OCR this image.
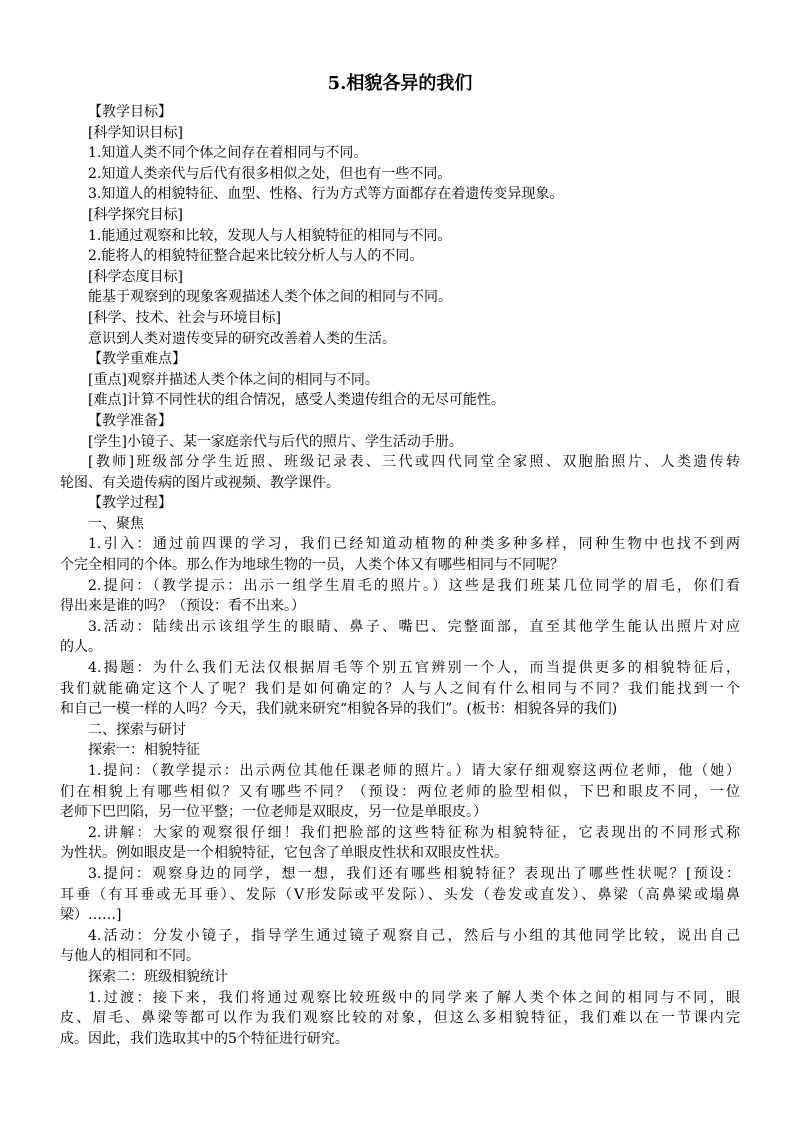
5.相貌各异的我们
【教学目标】
[科学知识目标]
1.知道人类不同个体之间存在着相同与不同。
2.知道人类亲代与后代有很多相似之处，但也有一些不同。
3.知道人的相貌特征、血型、性格、行为方式等方面都存在着遗传变异现象。
[科学探究目标]
1.能通过观察和比较，发现人与人相貌特征的相同与不同。
2.能将人的相貌特征整合起来比较分析人与人的不同。
[科学态度目标]
能基于观察到的现象客观描述人类个体之间的相同与不同。
[科学、技术、社会与环境目标]
意识到人类对遗传变异的研究改善着人类的生活。
【教学重难点】
[重点]观察并描述人类个体之间的相同与不同。
[难点]计算不同性状的组合情况，感受人类遗传组合的无尽可能性。
【教学准备】
[学生]小镜子、某一家庭亲代与后代的照片、学生活动手册。
[教师]班级部分学生近照、班级记录表、三代或四代同堂全家照、双胞胎照片、人类遗传转
轮图、有关遗传病的图片或视频、教学课件。
【教学过程】
一、聚焦
1.引入：通过前四课的学习，我们已经知道动植物的种类多种多样，同种生物中也找不到两
个完全相同的个体。那么作为地球生物的一员，人类个体又有哪些相同与不同呢？
2.提问：（教学提示：出示一组学生眉毛的照片。）这些是我们班某几位同学的眉毛，你们看
得出来是谁的吗？（预设：看不出来。）
3.活动：陆续出示该组学生的眼睛、鼻子、嘴巴、完整面部，直至其他学生能认出照片对应
的人。
4.揭题：为什么我们无法仅根据眉毛等个别五官辨别一个人，而当提供更多的相貌特征后，
我们就能确定这个人了呢？我们是如何确定的？人与人之间有什么相同与不同？我们能找到一个
和自己一模一样的人吗？今天，我们就来研究“相貌各异的我们”。(板书：相貌各异的我们)
二、探索与研讨
探索一：相貌特征
1.提问：（教学提示：出示两位其他任课老师的照片。）请大家仔细观察这两位老师，他（她）
们在相貌上有哪些相似？又有哪些不同？（预设：两位老师的脸型相似，下巴和眼皮不同，一位
老师下巴凹陷，另一位平整；一位老师是双眼皮，另一位是单眼皮。）
2.讲解：大家的观察很仔细！我们把脸部的这些特征称为相貌特征，它表现出的不同形式称
为性状。例如眼皮是一个相貌特征，它包含了单眼皮性状和双眼皮性状。
3.提问：观察身边的同学，想一想，我们还有哪些相貌特征？表现出了哪些性状呢？[预设：
耳垂（有耳垂或无耳垂）、发际（V形发际或平发际）、头发（卷发或直发）、鼻梁（高鼻梁或塌鼻
梁）……]
4.活动：分发小镜子，指导学生通过镜子观察自己，然后与小组的其他同学比较，说出自己
与他人的相同和不同。
探索二：班级相貌统计
1.过渡：接下来，我们将通过观察比较班级中的同学来了解人类个体之间的相同与不同，眼
皮、眉毛、鼻梁等都可以作为我们观察比较的对象，但这么多相貌特征，我们难以在一节课内完
成。因此，我们选取其中的5个特征进行研究。
